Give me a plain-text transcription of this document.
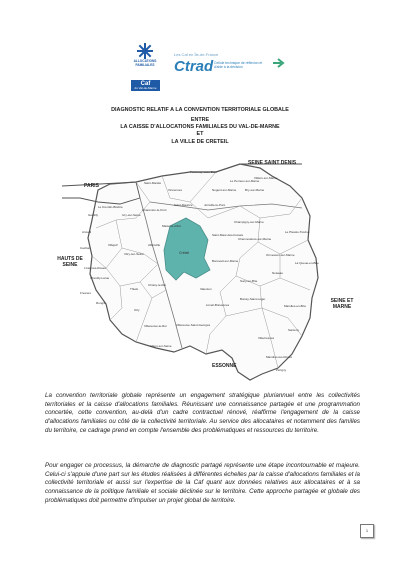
ALLOCATIONS FAMILIALES
Caf
du Val-de-Marne
Les Caf en Île-de-France
Ctrad Cellule technique de réflexion et d'aide à la décision
DIAGNOSTIC RELATIF A LA CONVENTION TERRITORIALE GLOBALE
ENTRE
LA CAISSE D'ALLOCATIONS FAMILIALES DU VAL-DE-MARNE
ET
LA VILLE DE CRETEIL
SEINE SAINT DENIS
PARIS
HAUTS DE SEINE
SEINE ET MARNE
ESSONNE
Créteil
Fontenay-sous-Bois
Le Perreux-sur-Marne
Saint-Mandé
Vincennes	Nogent-sur-Marne	Bry-sur-Marne
Villiers-sur-Marne
Charenton-le-Pont
Saint-Maurice	Joinville-le-Pont
Champigny-sur-Marne
Le Kremlin-Bicêtre
Gentilly	Ivry-sur-Seine
Maisons-Alfort
Saint-Maur-des-Fossés
Chennevières-sur-Marne
Le Plessis-Trévise
Arcueil
Cachan
Villejuif
Vitry-sur-Seine
Alfortville
Ormesson-sur-Marne
La Queue-en-Brie
Bonneuil-sur-Marne
Sucy-en-Brie
Noiseau
L'Haÿ-les-Roses
Chevilly-Larue
Thiais
Choisy-le-Roi
Valenton
Boissy-Saint-Léger
Marolles-en-Brie
Fresnes
Rungis
Orly
Limeil-Brévannes
Santeny
Villeneuve-le-Roi	Villeneuve-Saint-Georges
Villecresnes
Mandres-les-Roses
Périgny
Ablon-sur-Seine
La convention territoriale globale représente un engagement stratégique pluriannuel entre les collectivités territoriales et la caisse d'allocations familiales. Réunissant une connaissance partagée et une programmation concertée, cette convention, au-delà d'un cadre contractuel rénové, réaffirme l'engagement de la caisse d'allocations familiales ou côté de la collectivité territoriale. Au service des allocataires et notamment des familles du territoire, ce cadrage prend en compte l'ensemble des problématiques et ressources du territoire.
Pour engager ce processus, la démarche de diagnostic partagé représente une étape incontournable et majeure. Celui-ci s'appuie d'une part sur les études réalisées à différentes échelles par la caisse d'allocations familiales et la collectivité territoriale et aussi sur l'expertise de la Caf quant aux données relatives aux allocataires et à sa connaissance de la politique familiale et sociale déclinée sur le territoire. Cette approche partagée et globale des problématiques doit permettre d'impulser un projet global de territoire.
1
